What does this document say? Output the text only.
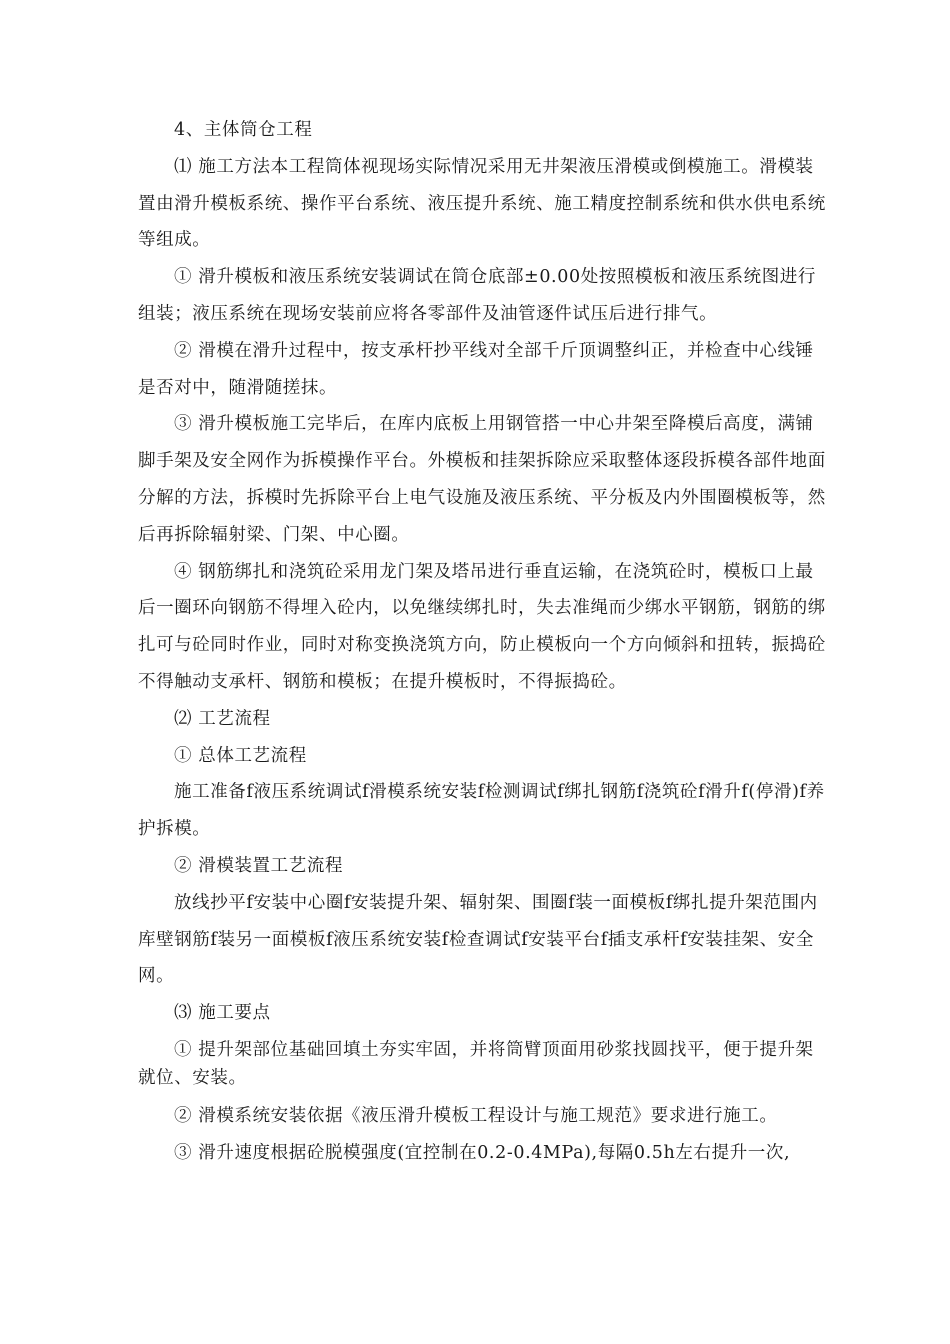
4、主体筒仓工程

⑴ 施工方法本工程筒体视现场实际情况采用无井架液压滑模或倒模施工。滑模装置由滑升模板系统、操作平台系统、液压提升系统、施工精度控制系统和供水供电系统等组成。

① 滑升模板和液压系统安装调试在筒仓底部±0.00处按照模板和液压系统图进行组装；液压系统在现场安装前应将各零部件及油管逐件试压后进行排气。

② 滑模在滑升过程中，按支承杆抄平线对全部千斤顶调整纠正，并检查中心线锤是否对中，随滑随搓抹。

③ 滑升模板施工完毕后，在库内底板上用钢管搭一中心井架至降模后高度，满铺脚手架及安全网作为拆模操作平台。外模板和挂架拆除应采取整体逐段拆模各部件地面分解的方法，拆模时先拆除平台上电气设施及液压系统、平分板及内外围圈模板等，然后再拆除辐射梁、门架、中心圈。

④ 钢筋绑扎和浇筑砼采用龙门架及塔吊进行垂直运输，在浇筑砼时，模板口上最后一圈环向钢筋不得埋入砼内，以免继续绑扎时，失去准绳而少绑水平钢筋，钢筋的绑扎可与砼同时作业，同时对称变换浇筑方向，防止模板向一个方向倾斜和扭转，振捣砼不得触动支承杆、钢筋和模板；在提升模板时，不得振捣砼。

⑵ 工艺流程

① 总体工艺流程

施工准备f液压系统调试f滑模系统安装f检测调试f绑扎钢筋f浇筑砼f滑升f(停滑)f养护拆模。

② 滑模装置工艺流程

放线抄平f安装中心圈f安装提升架、辐射架、围圈f装一面模板f绑扎提升架范围内库壁钢筋f装另一面模板f液压系统安装f检查调试f安装平台f插支承杆f安装挂架、安全网。

⑶ 施工要点

① 提升架部位基础回填土夯实牢固，并将筒臂顶面用砂浆找圆找平，便于提升架就位、安装。

② 滑模系统安装依据《液压滑升模板工程设计与施工规范》要求进行施工。

③ 滑升速度根据砼脱模强度(宜控制在0.2-0.4MPa),每隔0.5h左右提升一次,
